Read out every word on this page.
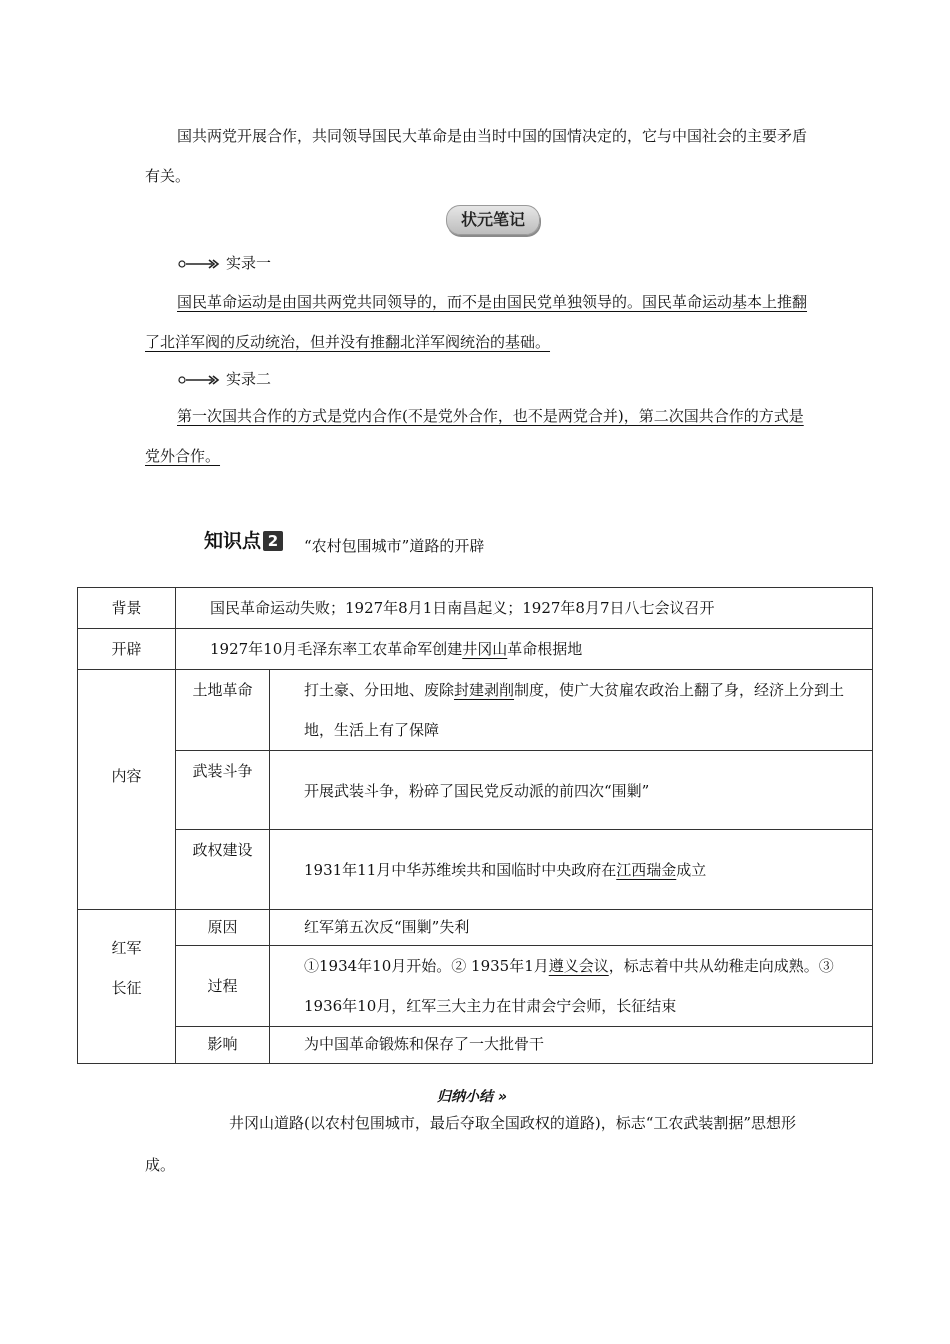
国共两党开展合作，共同领导国民大革命是由当时中国的国情决定的，它与中国社会的主要矛盾有关。
状元笔记
实录一
国民革命运动是由国共两党共同领导的，而不是由国民党单独领导的。国民革命运动基本上推翻了北洋军阀的反动统治，但并没有推翻北洋军阀统治的基础。
实录二
第一次国共合作的方式是党内合作(不是党外合作，也不是两党合并)，第二次国共合作的方式是党外合作。
知识点 2	“农村包围城市”道路的开辟
背景	国民革命运动失败；1927年8月1日南昌起义；1927年8月7日八七会议召开	
开辟	1927年10月毛泽东率工农革命军创建井冈山革命根据地	
内容	土地革命	打土豪、分田地、废除封建剥削制度，使广大贫雇农政治上翻了身，经济上分到土地，生活上有了保障
	武装斗争	开展武装斗争，粉碎了国民党反动派的前四次“围剿”
	政权建设	1931年11月中华苏维埃共和国临时中央政府在江西瑞金成立
红军长征	原因	红军第五次反“围剿”失利
	过程	①1934年10月开始。② 1935年1月遵义会议，标志着中共从幼稚走向成熟。③ 1936年10月，红军三大主力在甘肃会宁会师，长征结束
	影响	为中国革命锻炼和保存了一大批骨干
归纳小结 »
井冈山道路(以农村包围城市，最后夺取全国政权的道路)，标志“工农武装割据”思想形成。
